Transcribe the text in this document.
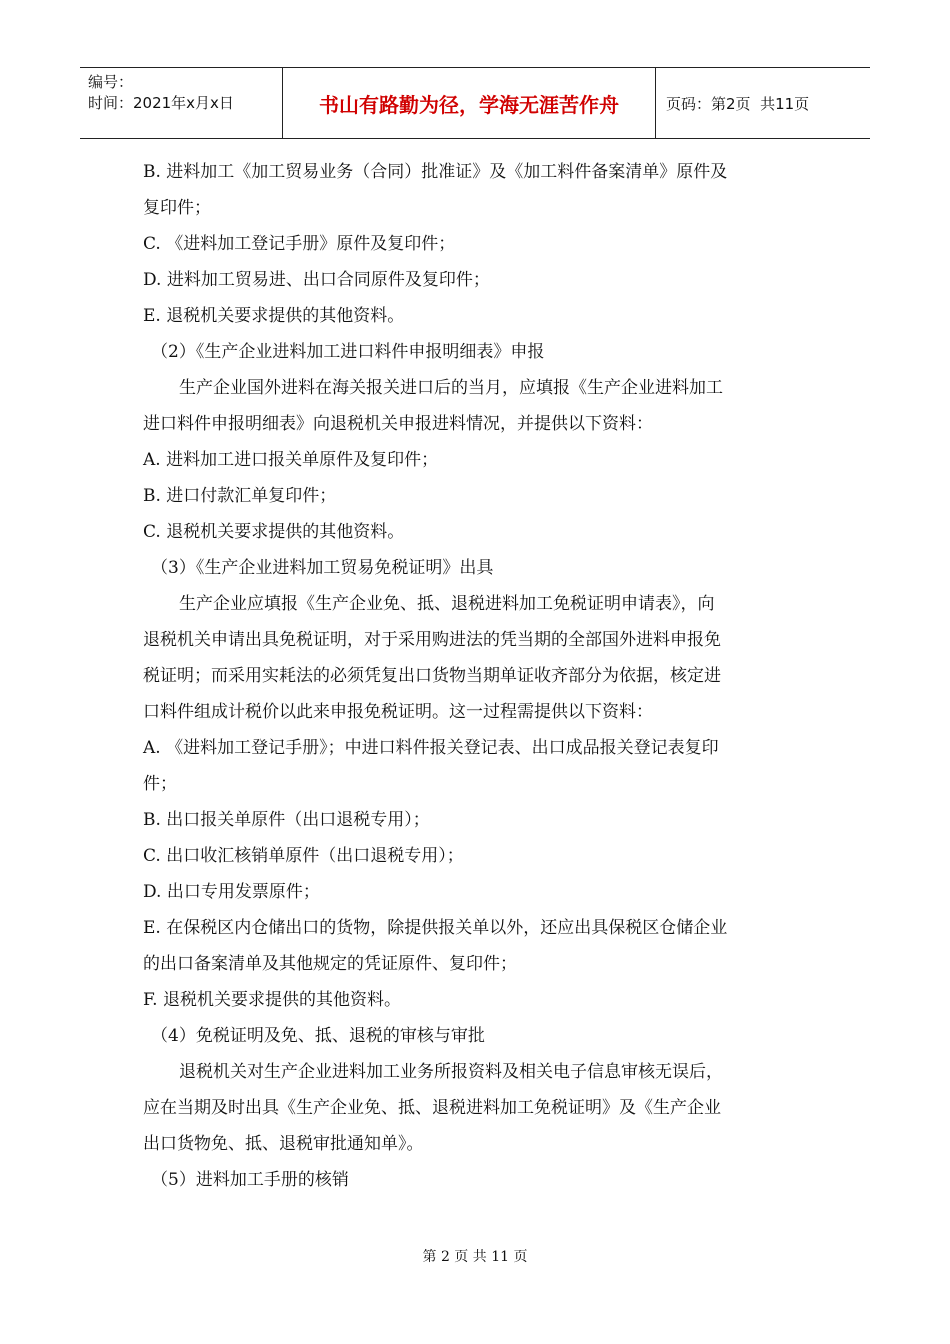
编号：
时间：2021年x月x日	书山有路勤为径，学海无涯苦作舟	页码：第2页  共11页
B. 进料加工《加工贸易业务（合同）批准证》及《加工料件备案清单》原件及
复印件；
C. 《进料加工登记手册》原件及复印件；
D. 进料加工贸易进、出口合同原件及复印件；
E. 退税机关要求提供的其他资料。
（2）《生产企业进料加工进口料件申报明细表》申报
生产企业国外进料在海关报关进口后的当月，应填报《生产企业进料加工
进口料件申报明细表》向退税机关申报进料情况，并提供以下资料：
A. 进料加工进口报关单原件及复印件；
B. 进口付款汇单复印件；
C. 退税机关要求提供的其他资料。
（3）《生产企业进料加工贸易免税证明》出具
生产企业应填报《生产企业免、抵、退税进料加工免税证明申请表》，向
退税机关申请出具免税证明，对于采用购进法的凭当期的全部国外进料申报免
税证明；而采用实耗法的必须凭复出口货物当期单证收齐部分为依据，核定进
口料件组成计税价以此来申报免税证明。这一过程需提供以下资料：
A. 《进料加工登记手册》；中进口料件报关登记表、出口成品报关登记表复印
件；
B. 出口报关单原件（出口退税专用）；
C. 出口收汇核销单原件（出口退税专用）；
D. 出口专用发票原件；
E. 在保税区内仓储出口的货物，除提供报关单以外，还应出具保税区仓储企业
的出口备案清单及其他规定的凭证原件、复印件；
F. 退税机关要求提供的其他资料。
（4）免税证明及免、抵、退税的审核与审批
退税机关对生产企业进料加工业务所报资料及相关电子信息审核无误后，
应在当期及时出具《生产企业免、抵、退税进料加工免税证明》及《生产企业
出口货物免、抵、退税审批通知单》。
（5）进料加工手册的核销
第 2 页 共 11 页
